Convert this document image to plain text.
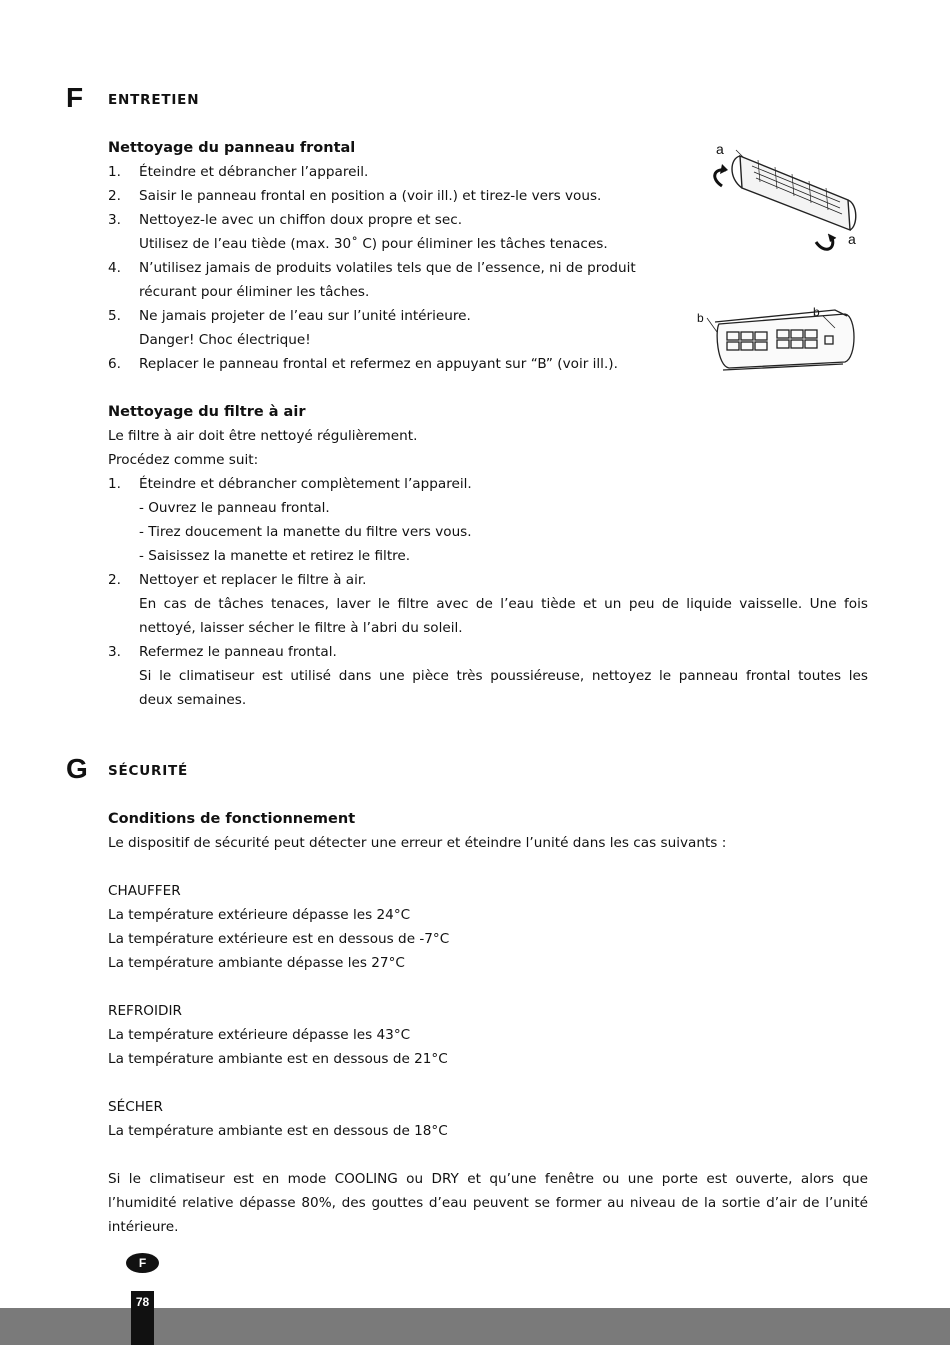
F ENTRETIEN
Nettoyage du panneau frontal
1. Éteindre et débrancher l’appareil.
2. Saisir le panneau frontal en position a (voir ill.) et tirez-le vers vous.
3. Nettoyez-le avec un chiffon doux propre et sec.
Utilisez de l’eau tiède (max. 30˚ C) pour éliminer les tâches tenaces.
4. N’utilisez jamais de produits volatiles tels que de l’essence, ni de produit
récurant pour éliminer les tâches.
5. Ne jamais projeter de l’eau sur l’unité intérieure.
Danger! Choc électrique!
6. Replacer le panneau frontal et refermez en appuyant sur “B” (voir ill.).
a
a
b	b
Nettoyage du filtre à air
Le filtre à air doit être nettoyé régulièrement.
Procédez comme suit:
1. Éteindre et débrancher complètement l’appareil.
- Ouvrez le panneau frontal.
- Tirez doucement la manette du filtre vers vous.
- Saisissez la manette et retirez le filtre.
2. Nettoyer et replacer le filtre à air.
En cas de tâches tenaces, laver le filtre avec de l’eau tiède et un peu de liquide vaisselle. Une fois
nettoyé, laisser sécher le filtre à l’abri du soleil.
3. Refermez le panneau frontal.
Si le climatiseur est utilisé dans une pièce très poussiéreuse, nettoyez le panneau frontal toutes les
deux semaines.
G SÉCURITÉ
Conditions de fonctionnement
Le dispositif de sécurité peut détecter une erreur et éteindre l’unité dans les cas suivants :
CHAUFFER
La température extérieure dépasse les 24°C
La température extérieure est en dessous de -7°C
La température ambiante dépasse les 27°C
REFROIDIR
La température extérieure dépasse les 43°C
La température ambiante est en dessous de 21°C
SÉCHER
La température ambiante est en dessous de 18°C
Si le climatiseur est en mode COOLING ou DRY et qu’une fenêtre ou une porte est ouverte, alors que
l’humidité relative dépasse 80%, des gouttes d’eau peuvent se former au niveau de la sortie d’air de l’unité
intérieure.
F
78
